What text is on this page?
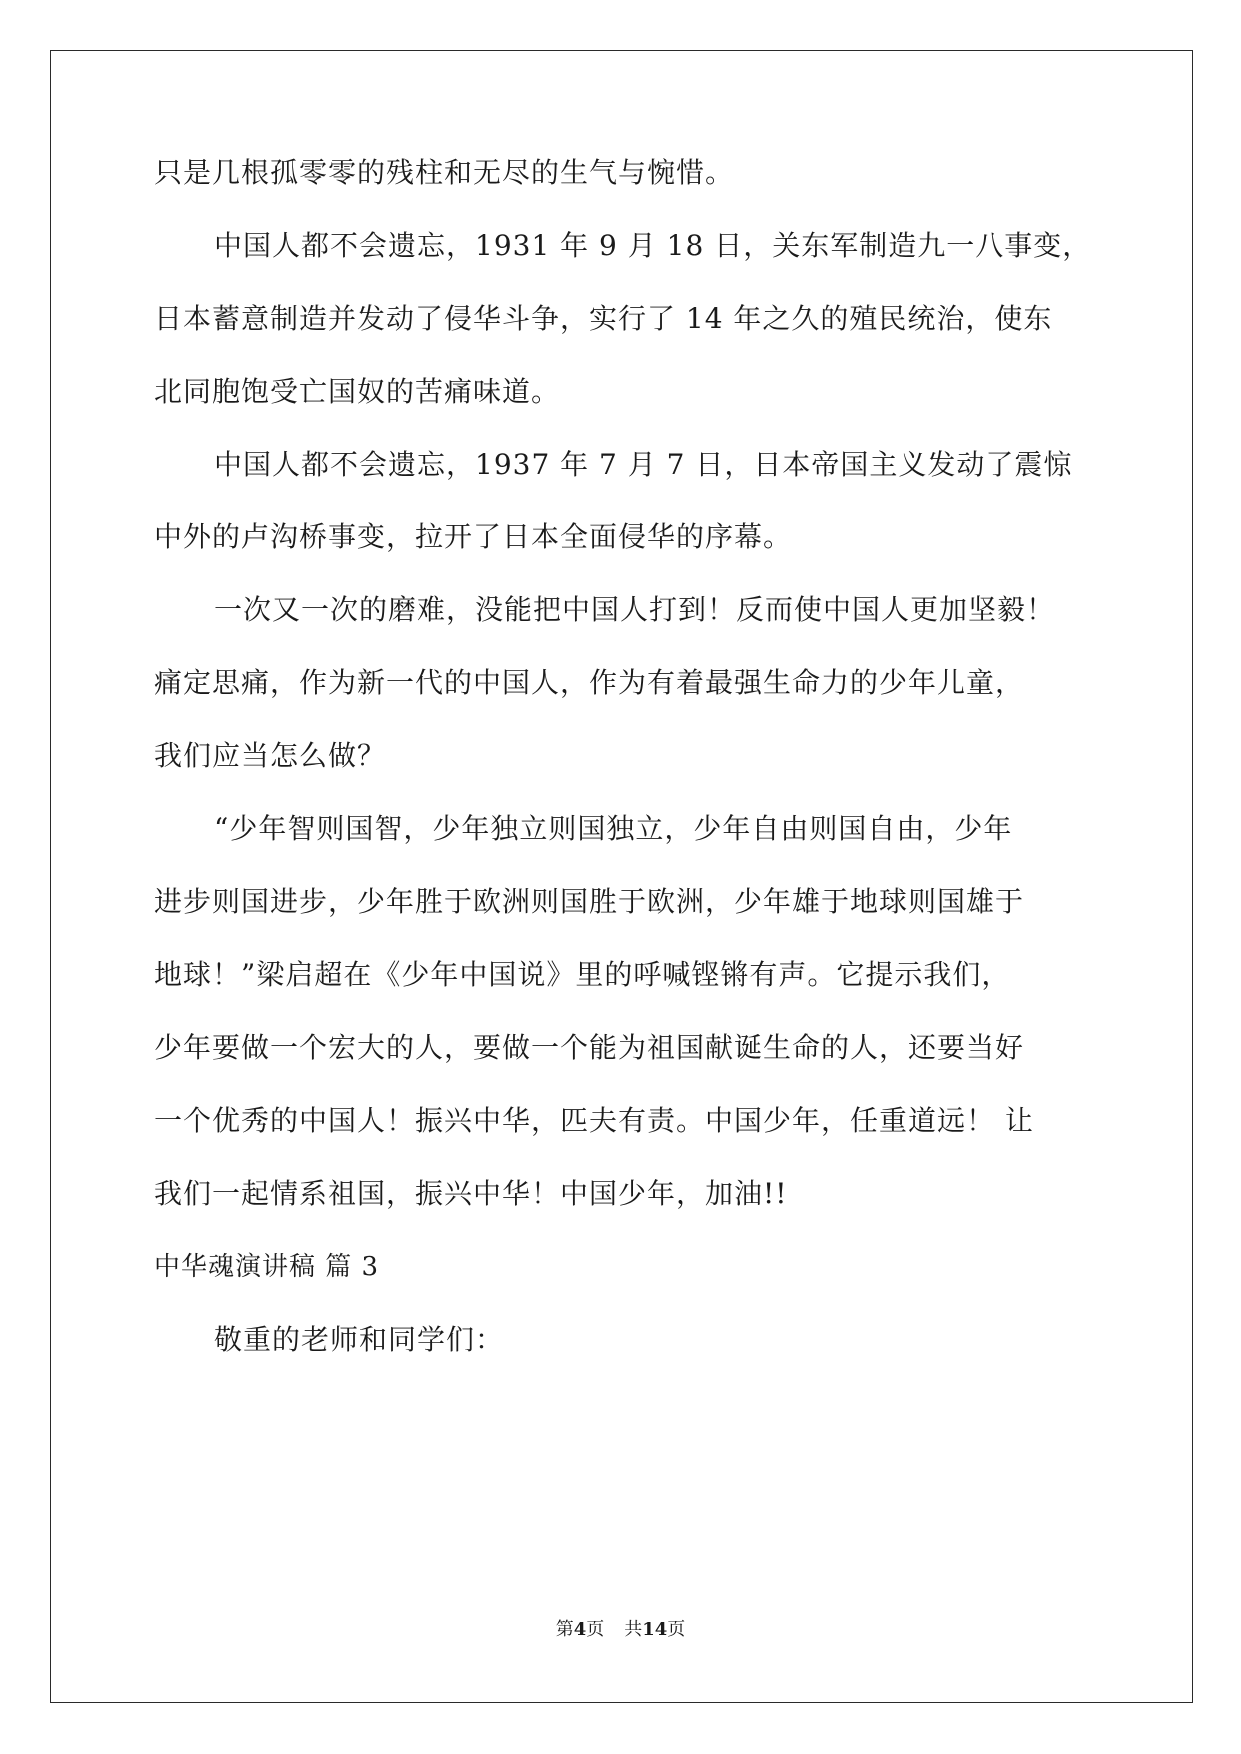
只是几根孤零零的残柱和无尽的生气与惋惜。
中国人都不会遗忘，1931 年 9 月 18 日，关东军制造九一八事变，
日本蓄意制造并发动了侵华斗争，实行了 14 年之久的殖民统治，使东
北同胞饱受亡国奴的苦痛味道。
中国人都不会遗忘，1937 年 7 月 7 日，日本帝国主义发动了震惊
中外的卢沟桥事变，拉开了日本全面侵华的序幕。
一次又一次的磨难，没能把中国人打到！反而使中国人更加坚毅！
痛定思痛，作为新一代的中国人，作为有着最强生命力的少年儿童，
我们应当怎么做？
“少年智则国智，少年独立则国独立，少年自由则国自由，少年
进步则国进步，少年胜于欧洲则国胜于欧洲，少年雄于地球则国雄于
地球！”梁启超在《少年中国说》里的呼喊铿锵有声。它提示我们，
少年要做一个宏大的人，要做一个能为祖国献诞生命的人，还要当好
一个优秀的中国人！振兴中华，匹夫有责。中国少年，任重道远！ 让
我们一起情系祖国，振兴中华！中国少年，加油!!
中华魂演讲稿 篇 3
敬重的老师和同学们：
第4页 共14页
